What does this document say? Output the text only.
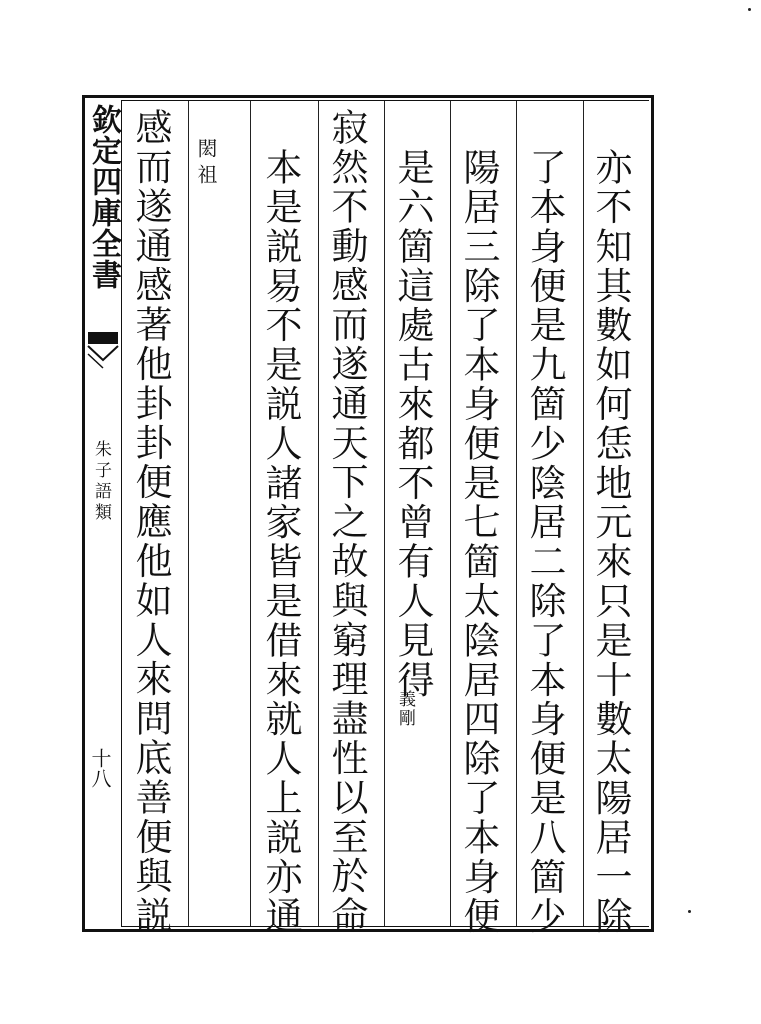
欽定四庫全書
朱子語類
十八	亦不知其數如何恁地元來只是十數太陽居一除
了本身便是九箇少陰居二除了本身便是八箇少
陽居三除了本身便是七箇太陰居四除了本身便
是六箇這處古來都不曾有人見得
義剛
寂然不動感而遂通天下之故與窮理盡性以至於命
本是説易不是説人諸家皆是借來就人上説亦通
閎祖
感而遂通感著他卦卦便應他如人來問底善便與説
